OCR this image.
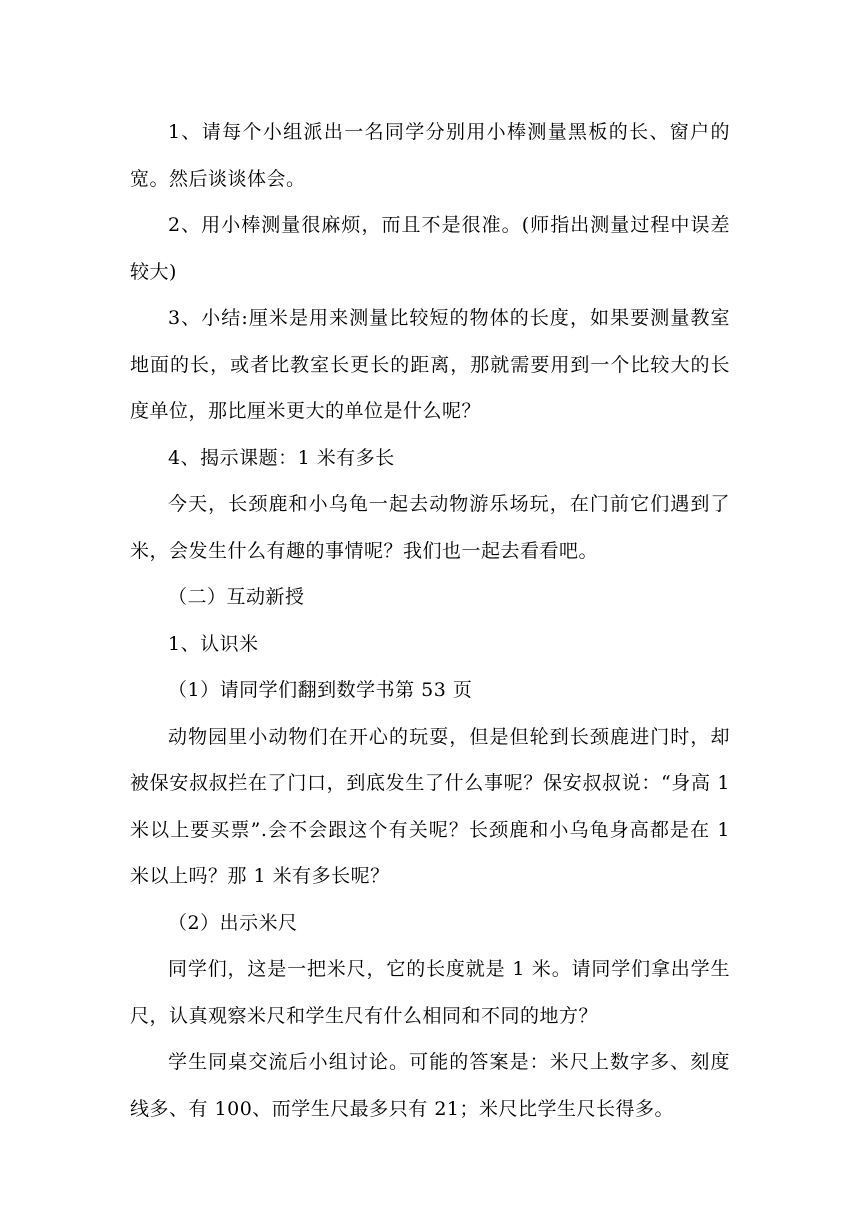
1、请每个小组派出一名同学分别用小棒测量黑板的长、窗户的宽。然后谈谈体会。

2、用小棒测量很麻烦，而且不是很准。(师指出测量过程中误差较大)

3、小结:厘米是用来测量比较短的物体的长度，如果要测量教室地面的长，或者比教室长更长的距离，那就需要用到一个比较大的长度单位，那比厘米更大的单位是什么呢？

4、揭示课题：1 米有多长

今天，长颈鹿和小乌龟一起去动物游乐场玩，在门前它们遇到了米，会发生什么有趣的事情呢？我们也一起去看看吧。

（二）互动新授

1、认识米

（1）请同学们翻到数学书第 53 页

动物园里小动物们在开心的玩耍，但是但轮到长颈鹿进门时，却被保安叔叔拦在了门口，到底发生了什么事呢？保安叔叔说：“身高 1 米以上要买票”.会不会跟这个有关呢？长颈鹿和小乌龟身高都是在 1 米以上吗？那 1 米有多长呢？

（2）出示米尺

同学们，这是一把米尺，它的长度就是 1 米。请同学们拿出学生尺，认真观察米尺和学生尺有什么相同和不同的地方？

学生同桌交流后小组讨论。可能的答案是：米尺上数字多、刻度线多、有 100、而学生尺最多只有 21；米尺比学生尺长得多。
